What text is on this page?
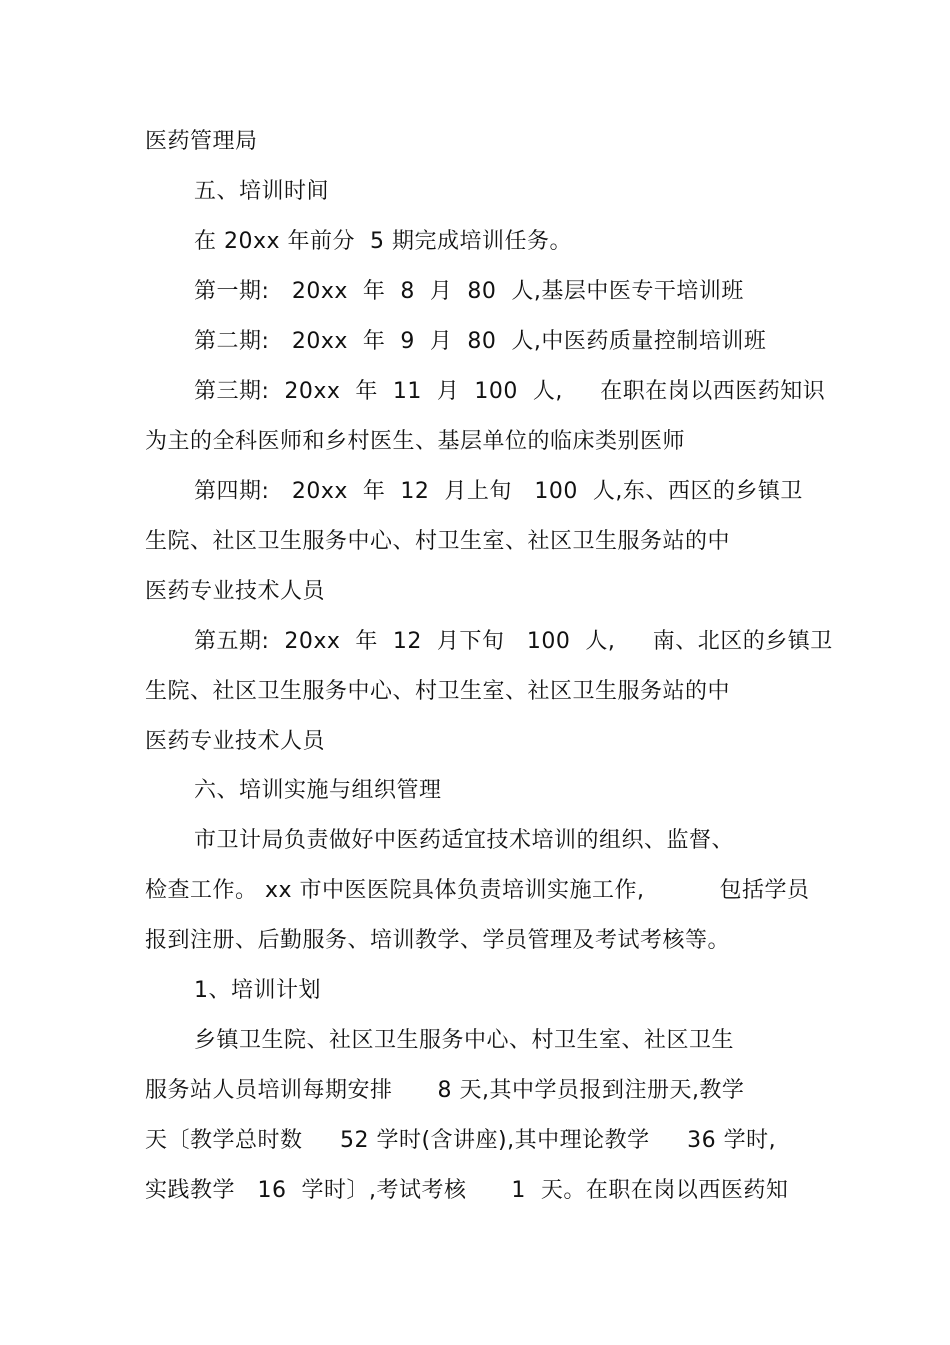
医药管理局
五、培训时间
在 20xx 年前分  5 期完成培训任务。
第一期:   20xx  年  8  月  80  人,基层中医专干培训班
第二期:   20xx  年  9  月  80  人,中医药质量控制培训班
第三期:  20xx  年  11  月  100  人,     在职在岗以西医药知识
为主的全科医师和乡村医生、基层单位的临床类别医师
第四期:   20xx  年  12  月上旬   100  人,东、西区的乡镇卫
生院、社区卫生服务中心、村卫生室、社区卫生服务站的中
医药专业技术人员
第五期:  20xx  年  12  月下旬   100  人,     南、北区的乡镇卫
生院、社区卫生服务中心、村卫生室、社区卫生服务站的中
医药专业技术人员
六、培训实施与组织管理
市卫计局负责做好中医药适宜技术培训的组织、监督、
检查工作。 xx 市中医医院具体负责培训实施工作,          包括学员
报到注册、后勤服务、培训教学、学员管理及考试考核等。
1、培训计划
乡镇卫生院、社区卫生服务中心、村卫生室、社区卫生
服务站人员培训每期安排      8 天,其中学员报到注册天,教学
天〔教学总时数     52 学时(含讲座),其中理论教学     36 学时,
实践教学   16  学时〕,考试考核      1  天。在职在岗以西医药知
